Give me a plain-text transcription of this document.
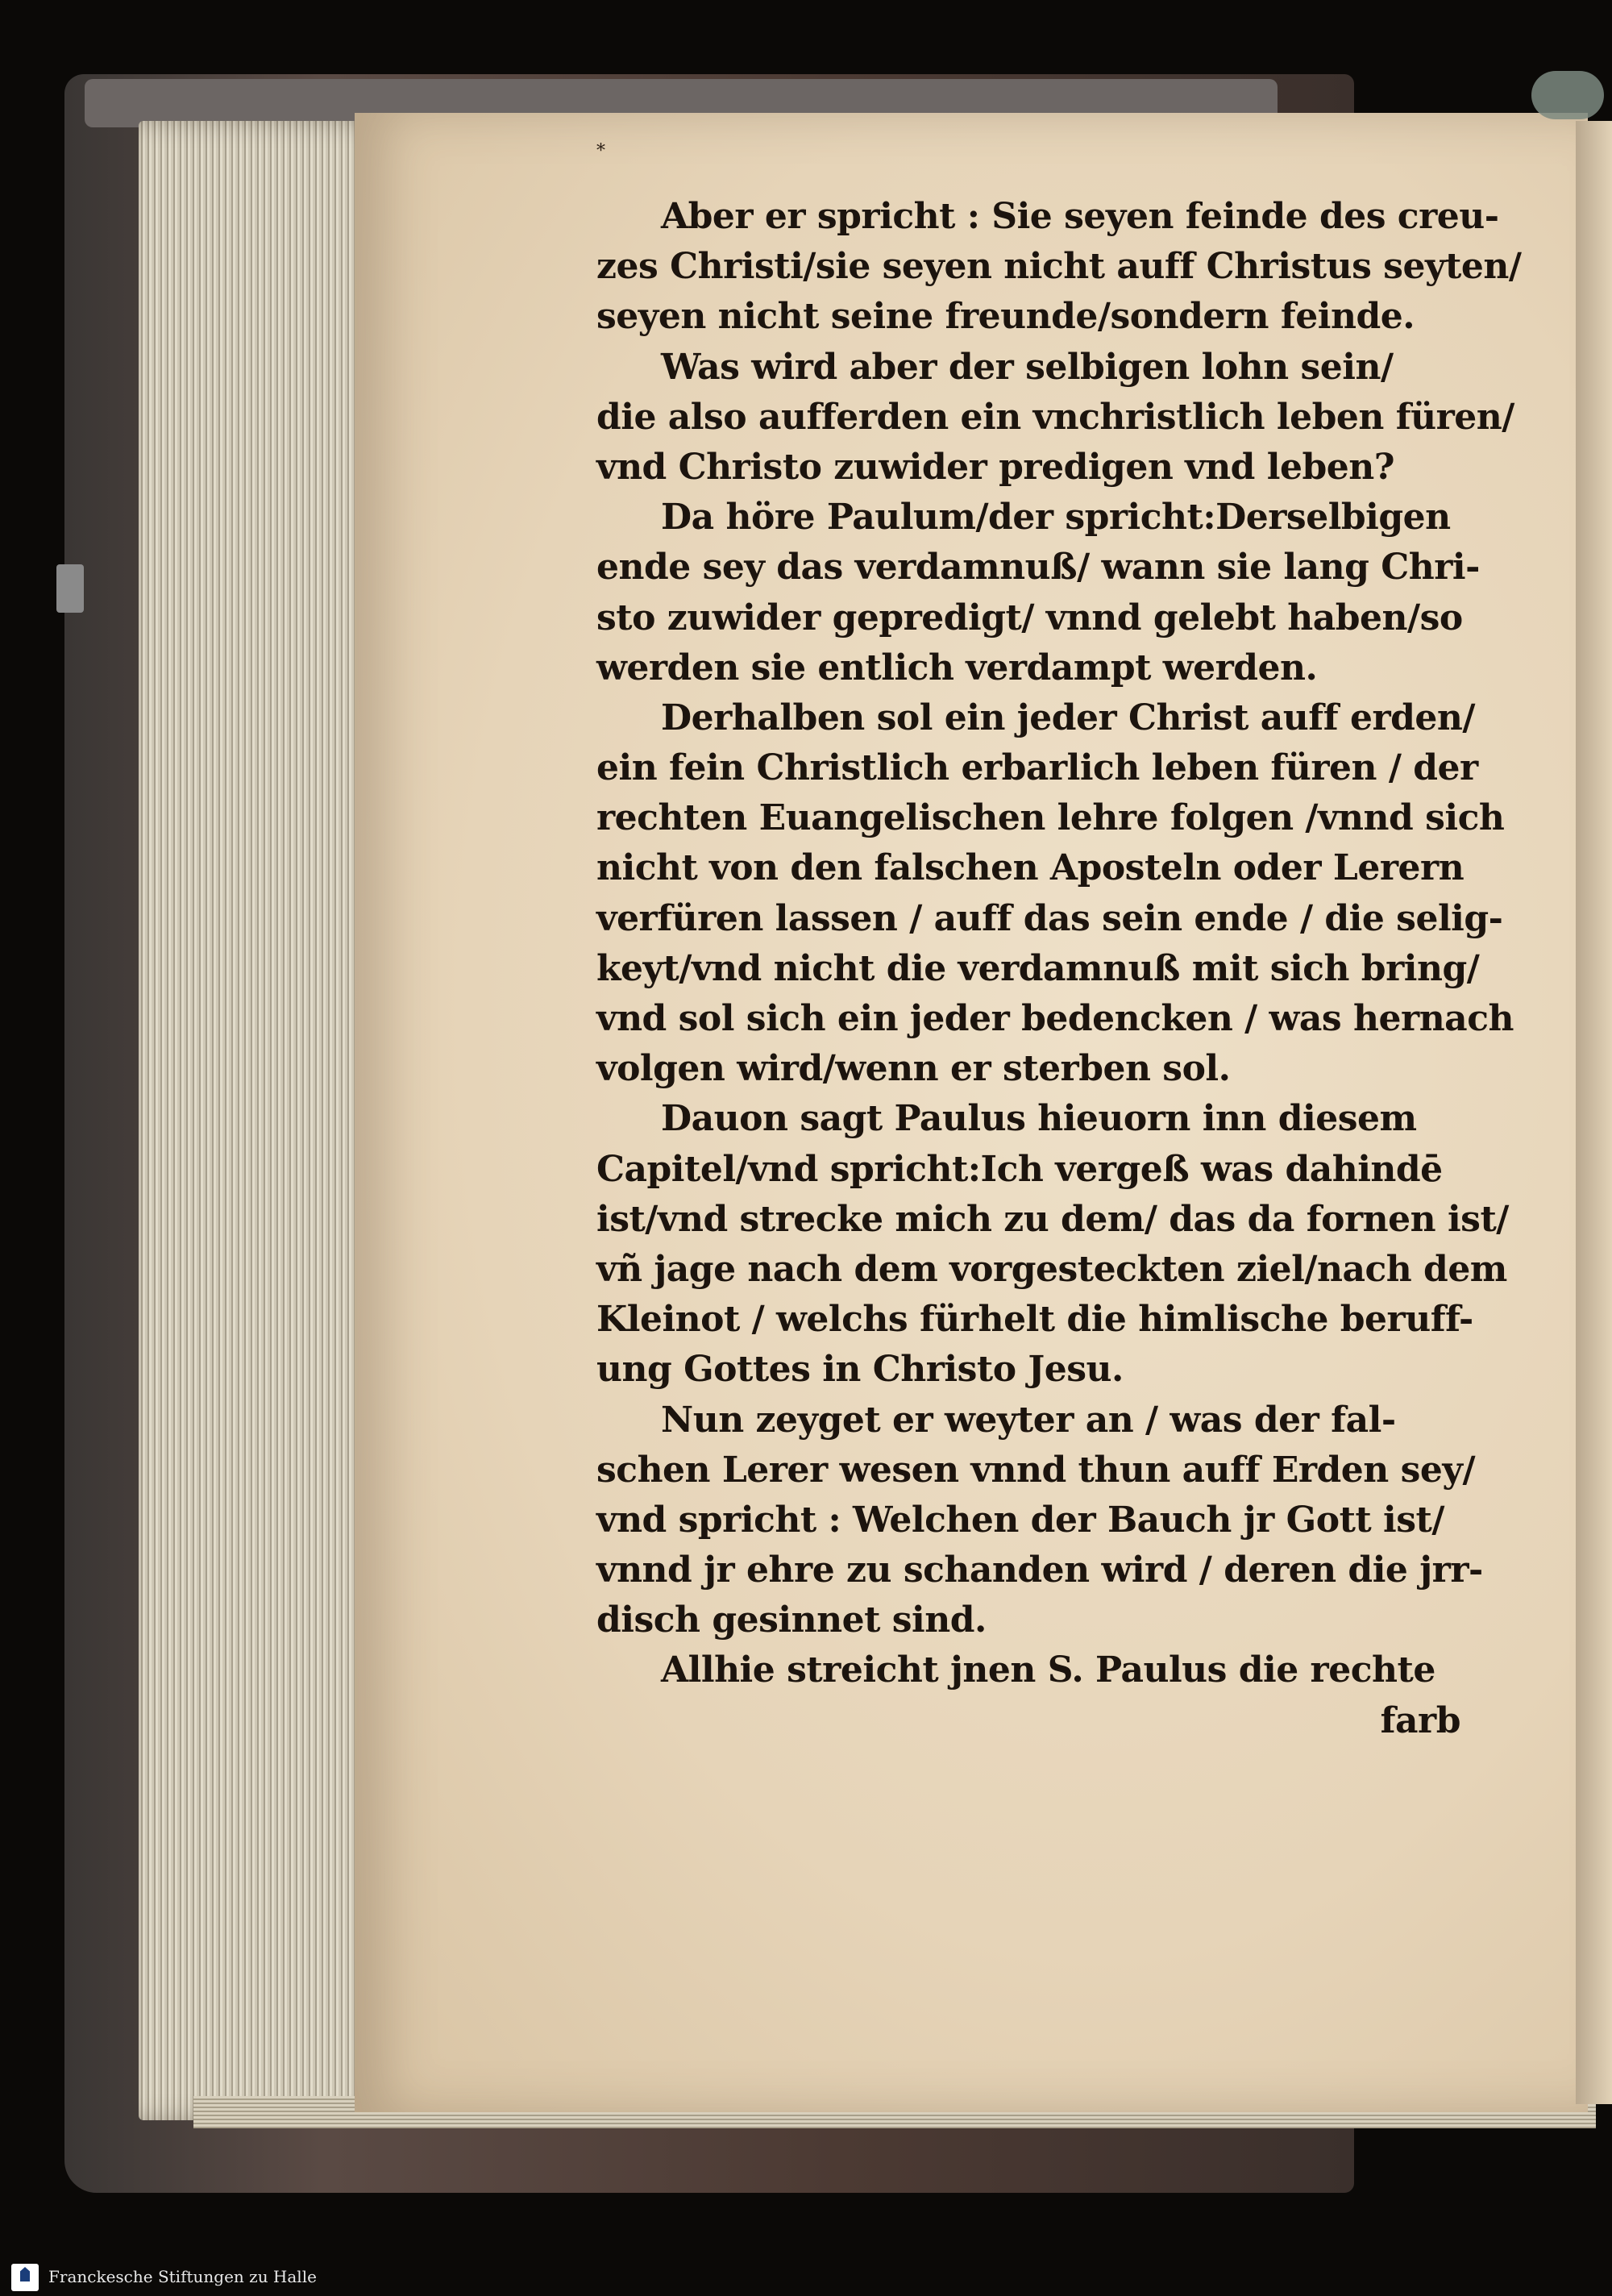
*
Aber er spricht : Sie seyen feinde des creu-
zes Christi/sie seyen nicht auff Christus seyten/
seyen nicht seine freunde/sondern feinde.
Was wird aber der selbigen lohn sein/
die also aufferden ein vnchristlich leben füren/
vnd Christo zuwider predigen vnd leben?
Da höre Paulum/der spricht:Derselbigen
ende sey das verdamnuß/ wann sie lang Chri-
sto zuwider gepredigt/ vnnd gelebt haben/so
werden sie entlich verdampt werden.
Derhalben sol ein jeder Christ auff erden/
ein fein Christlich erbarlich leben füren / der
rechten Euangelischen lehre folgen /vnnd sich
nicht von den falschen Aposteln oder Lerern
verfüren lassen / auff das sein ende / die selig-
keyt/vnd nicht die verdamnuß mit sich bring/
vnd sol sich ein jeder bedencken / was hernach
volgen wird/wenn er sterben sol.
Dauon sagt Paulus hieuorn inn diesem
Capitel/vnd spricht:Ich vergeß was dahindē
ist/vnd strecke mich zu dem/ das da fornen ist/
vñ jage nach dem vorgesteckten ziel/nach dem
Kleinot / welchs fürhelt die himlische beruff-
ung Gottes in Christo Jesu.
Nun zeyget er weyter an / was der fal-
schen Lerer wesen vnnd thun auff Erden sey/
vnd spricht : Welchen der Bauch jr Gott ist/
vnnd jr ehre zu schanden wird / deren die jrr-
disch gesinnet sind.
Allhie streicht jnen S. Paulus die rechte
farb
Franckesche Stiftungen zu Halle
